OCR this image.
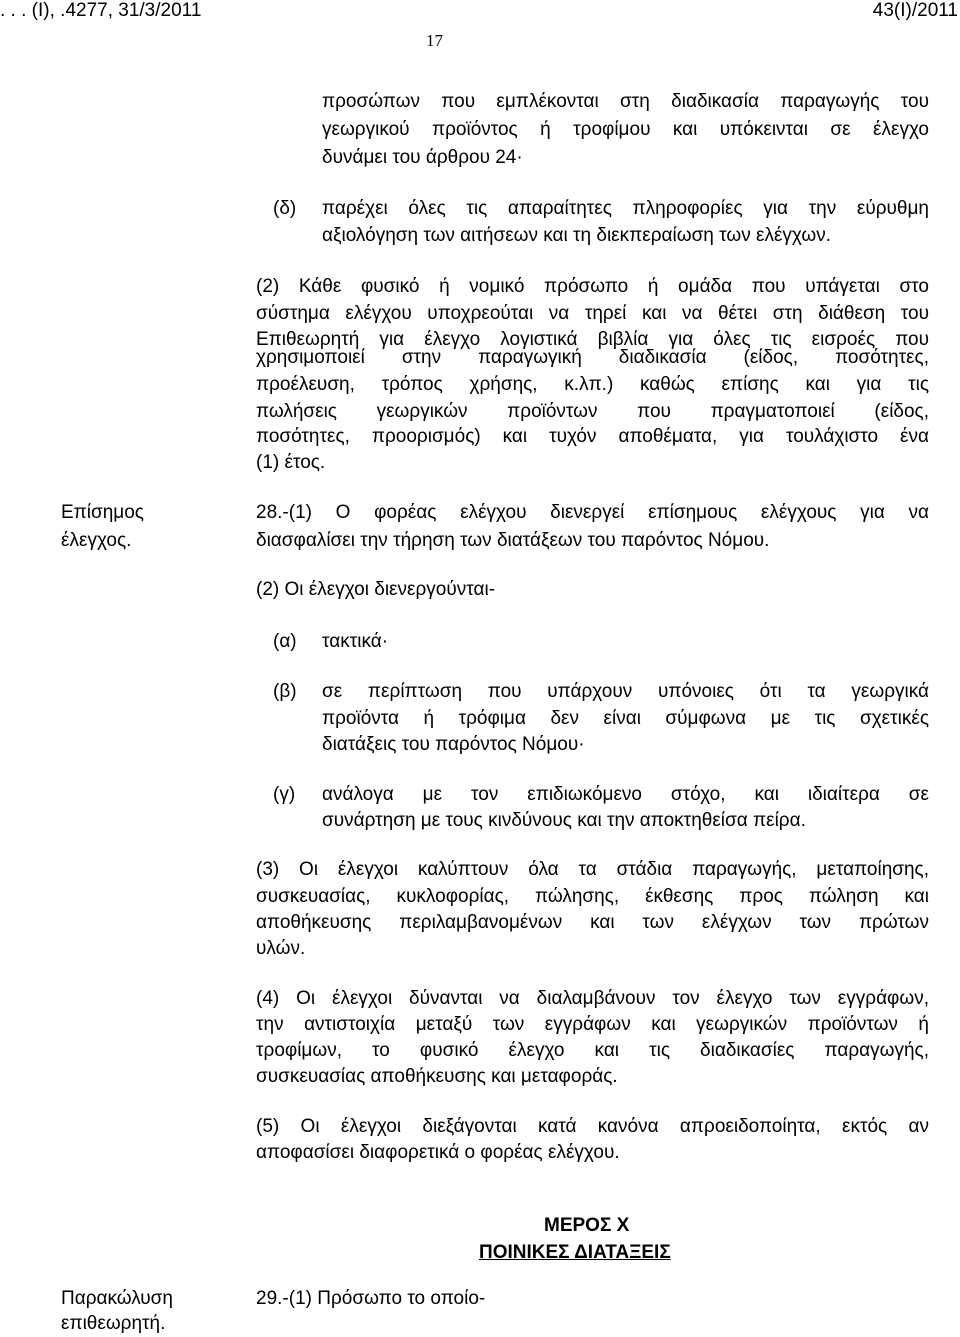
. . . (Ι), .4277, 31/3/2011	43(Ι)/2011
17
προσώπων που εμπλέκονται στη διαδικασία παραγωγής του
γεωργικού προϊόντος ή τροφίμου και υπόκεινται σε έλεγχο
δυνάμει του άρθρου 24·
(δ) παρέχει όλες τις απαραίτητες πληροφορίες για την εύρυθμη
αξιολόγηση των αιτήσεων και τη διεκπεραίωση των ελέγχων.
(2) Κάθε φυσικό ή νομικό πρόσωπο ή ομάδα που υπάγεται στο
σύστημα ελέγχου υποχρεούται να τηρεί και να θέτει στη διάθεση του
Επιθεωρητή για έλεγχο λογιστικά βιβλία για όλες τις εισροές που
χρησιμοποιεί στην παραγωγική διαδικασία (είδος, ποσότητες,
προέλευση, τρόπος χρήσης, κ.λπ.) καθώς επίσης και για τις
πωλήσεις γεωργικών προϊόντων που πραγματοποιεί (είδος,
ποσότητες, προορισμός) και τυχόν αποθέματα, για τουλάχιστο ένα
(1) έτος.
Επίσημος
έλεγχος.
28.-(1) Ο φορέας ελέγχου διενεργεί επίσημους ελέγχους για να
διασφαλίσει την τήρηση των διατάξεων του παρόντος Νόμου.
(2) Οι έλεγχοι διενεργούνται-
(α) τακτικά·
(β) σε περίπτωση που υπάρχουν υπόνοιες ότι τα γεωργικά
προϊόντα ή τρόφιμα δεν είναι σύμφωνα με τις σχετικές
διατάξεις του παρόντος Νόμου·
(γ) ανάλογα με τον επιδιωκόμενο στόχο, και ιδιαίτερα σε
συνάρτηση με τους κινδύνους και την αποκτηθείσα πείρα.
(3) Οι έλεγχοι καλύπτουν όλα τα στάδια παραγωγής, μεταποίησης,
συσκευασίας, κυκλοφορίας, πώλησης, έκθεσης προς πώληση και
αποθήκευσης περιλαμβανομένων και των ελέγχων των πρώτων
υλών.
(4) Οι έλεγχοι δύνανται να διαλαμβάνουν τον έλεγχο των εγγράφων,
την αντιστοιχία μεταξύ των εγγράφων και γεωργικών προϊόντων ή
τροφίμων, το φυσικό έλεγχο και τις διαδικασίες παραγωγής,
συσκευασίας αποθήκευσης και μεταφοράς.
(5) Οι έλεγχοι διεξάγονται κατά κανόνα απροειδοποίητα, εκτός αν
αποφασίσει διαφορετικά ο φορέας ελέγχου.
ΜΕΡΟΣ Χ
ΠΟΙΝΙΚΕΣ ΔΙΑΤΑΞΕΙΣ
Παρακώλυση
επιθεωρητή.
29.-(1) Πρόσωπο το οποίο-
